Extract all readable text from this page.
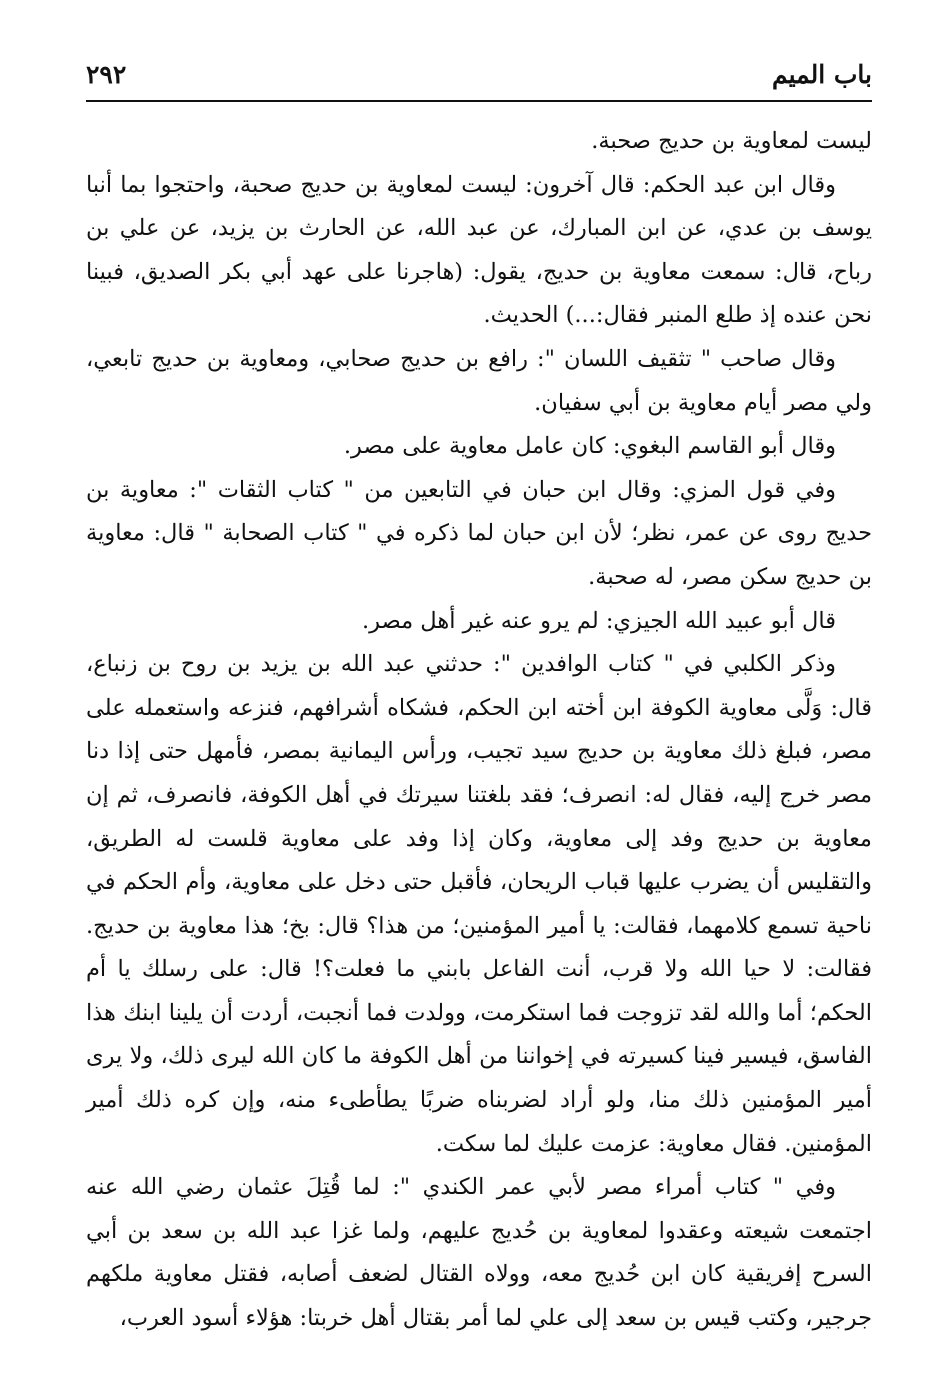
باب الميم
٢٩٢

ليست لمعاوية بن حديج صحبة.

وقال ابن عبد الحكم: قال آخرون: ليست لمعاوية بن حديج صحبة، واحتجوا بما أنبا يوسف بن عدي، عن ابن المبارك، عن عبد الله، عن الحارث بن يزيد، عن علي بن رباح، قال: سمعت معاوية بن حديج، يقول: (هاجرنا على عهد أبي بكر الصديق، فبينا نحن عنده إذ طلع المنبر فقال:...) الحديث.

وقال صاحب " تثقيف اللسان ": رافع بن حديج صحابي، ومعاوية بن حديج تابعي، ولي مصر أيام معاوية بن أبي سفيان.

وقال أبو القاسم البغوي: كان عامل معاوية على مصر.

وفي قول المزي: وقال ابن حبان في التابعين من " كتاب الثقات ": معاوية بن حديج روى عن عمر، نظر؛ لأن ابن حبان لما ذكره في " كتاب الصحابة " قال: معاوية بن حديج سكن مصر، له صحبة.

قال أبو عبيد الله الجيزي: لم يرو عنه غير أهل مصر.

وذكر الكلبي في " كتاب الوافدين ": حدثني عبد الله بن يزيد بن روح بن زنباع، قال: وَلَّى معاوية الكوفة ابن أخته ابن الحكم، فشكاه أشرافهم، فنزعه واستعمله على مصر، فبلغ ذلك معاوية بن حديج سيد تجيب، ورأس اليمانية بمصر، فأمهل حتى إذا دنا مصر خرج إليه، فقال له: انصرف؛ فقد بلغتنا سيرتك في أهل الكوفة، فانصرف، ثم إن معاوية بن حديج وفد إلى معاوية، وكان إذا وفد على معاوية قلست له الطريق، والتقليس أن يضرب عليها قباب الريحان، فأقبل حتى دخل على معاوية، وأم الحكم في ناحية تسمع كلامهما، فقالت: يا أمير المؤمنين؛ من هذا؟ قال: بخ؛ هذا معاوية بن حديج. فقالت: لا حيا الله ولا قرب، أنت الفاعل بابني ما فعلت؟! قال: على رسلك يا أم الحكم؛ أما والله لقد تزوجت فما استكرمت، وولدت فما أنجبت، أردت أن يلينا ابنك هذا الفاسق، فيسير فينا كسيرته في إخواننا من أهل الكوفة ما كان الله ليرى ذلك، ولا يرى أمير المؤمنين ذلك منا، ولو أراد لضربناه ضربًا يطأطىء منه، وإن كره ذلك أمير المؤمنين. فقال معاوية: عزمت عليك لما سكت.

وفي " كتاب أمراء مصر لأبي عمر الكندي ": لما قُتِلَ عثمان رضي الله عنه اجتمعت شيعته وعقدوا لمعاوية بن حُديج عليهم، ولما غزا عبد الله بن سعد بن أبي السرح إفريقية كان ابن حُديج معه، وولاه القتال لضعف أصابه، فقتل معاوية ملكهم جرجير، وكتب قيس بن سعد إلى علي لما أمر بقتال أهل خربتا: هؤلاء أسود العرب،
